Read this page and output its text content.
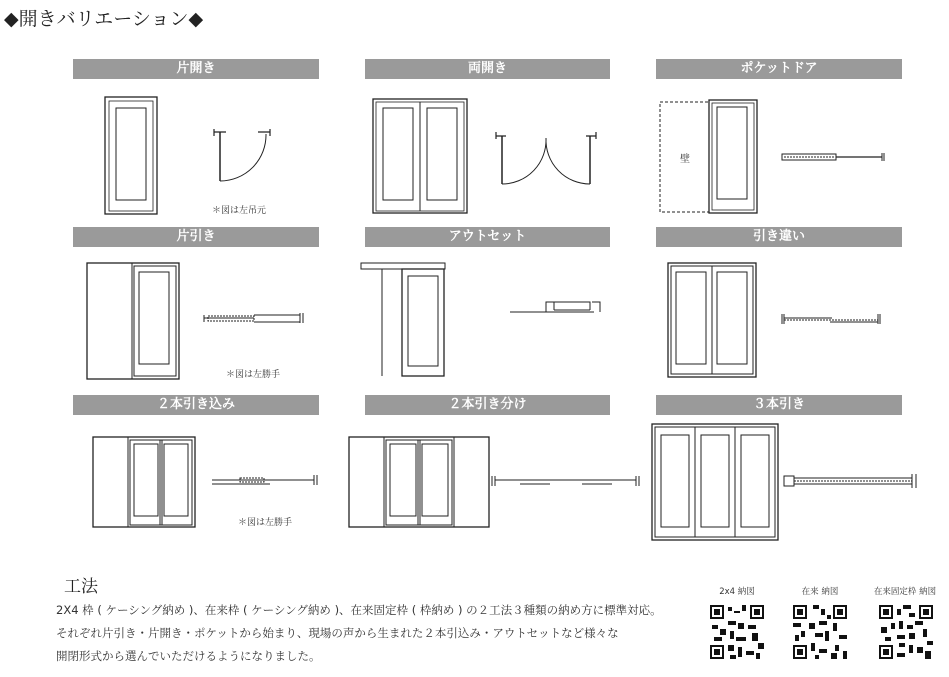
◆開きバリエーション◆
片開き	両開き	ポケットドア
片引き	アウトセット	引き違い
２本引き込み	２本引き分け	３本引き
＊図は左吊元
壁
＊図は左勝手
＊図は左勝手
工法
2X4 枠 ( ケーシング納め )、在来枠 ( ケーシング納め )、在来固定枠 ( 枠納め ) の２工法３種類の納め方に標準対応。
それぞれ片引き・片開き・ポケットから始まり、現場の声から生まれた２本引込み・アウトセットなど様々な
開閉形式から選んでいただけるようになりました。
2x4 納図	在来 納図	在来固定枠 納図
